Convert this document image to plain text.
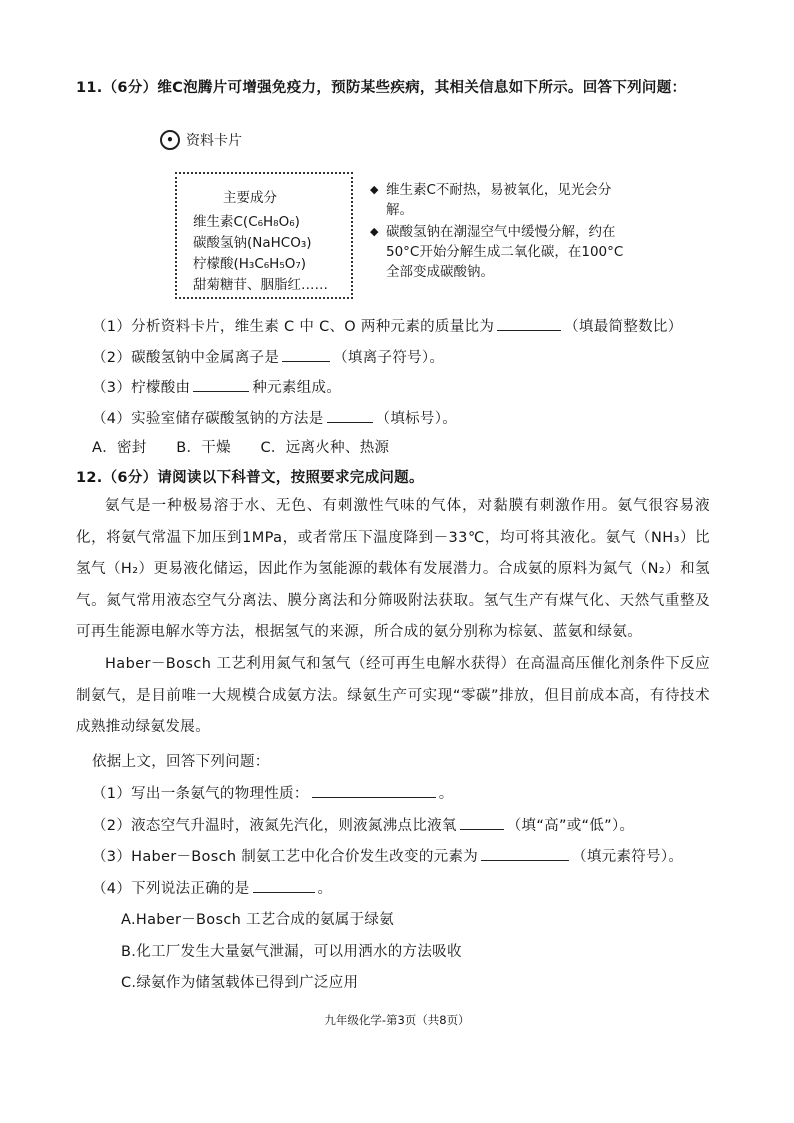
11.（6分）维C泡腾片可增强免疫力，预防某些疾病，其相关信息如下所示。回答下列问题：
• 资料卡片
主要成分
维生素C(C₆H₈O₆)
碳酸氢钠(NaHCO₃)
柠檬酸(H₃C₆H₅O₇)
甜菊糖苷、胭脂红……
◆ 维生素C不耐热，易被氧化，见光会分解。
◆ 碳酸氢钠在潮湿空气中缓慢分解，约在50°C开始分解生成二氧化碳，在100°C全部变成碳酸钠。
（1）分析资料卡片，维生素 C 中 C、O 两种元素的质量比为	（填最简整数比）
（2）碳酸氢钠中金属离子是	（填离子符号）。
（3）柠檬酸由	种元素组成。
（4）实验室储存碳酸氢钠的方法是	（填标号）。
A．密封　　B．干燥　　C．远离火种、热源
12.（6分）请阅读以下科普文，按照要求完成问题。
氨气是一种极易溶于水、无色、有刺激性气味的气体，对黏膜有刺激作用。氨气很容易液化，将氨气常温下加压到1MPa，或者常压下温度降到－33℃，均可将其液化。氨气（NH₃）比氢气（H₂）更易液化储运，因此作为氢能源的载体有发展潜力。合成氨的原料为氮气（N₂）和氢气。氮气常用液态空气分离法、膜分离法和分筛吸附法获取。氢气生产有煤气化、天然气重整及可再生能源电解水等方法，根据氢气的来源，所合成的氨分别称为棕氨、蓝氨和绿氨。
Haber－Bosch 工艺利用氮气和氢气（经可再生电解水获得）在高温高压催化剂条件下反应制氨气，是目前唯一大规模合成氨方法。绿氨生产可实现“零碳”排放，但目前成本高，有待技术成熟推动绿氨发展。
依据上文，回答下列问题：
（1）写出一条氨气的物理性质：	。
（2）液态空气升温时，液氮先汽化，则液氮沸点比液氧	（填“高”或“低”）。
（3）Haber－Bosch 制氨工艺中化合价发生改变的元素为	（填元素符号）。
（4）下列说法正确的是	。
A.Haber－Bosch 工艺合成的氨属于绿氨
B.化工厂发生大量氨气泄漏，可以用洒水的方法吸收
C.绿氨作为储氢载体已得到广泛应用
九年级化学-第3页（共8页）
